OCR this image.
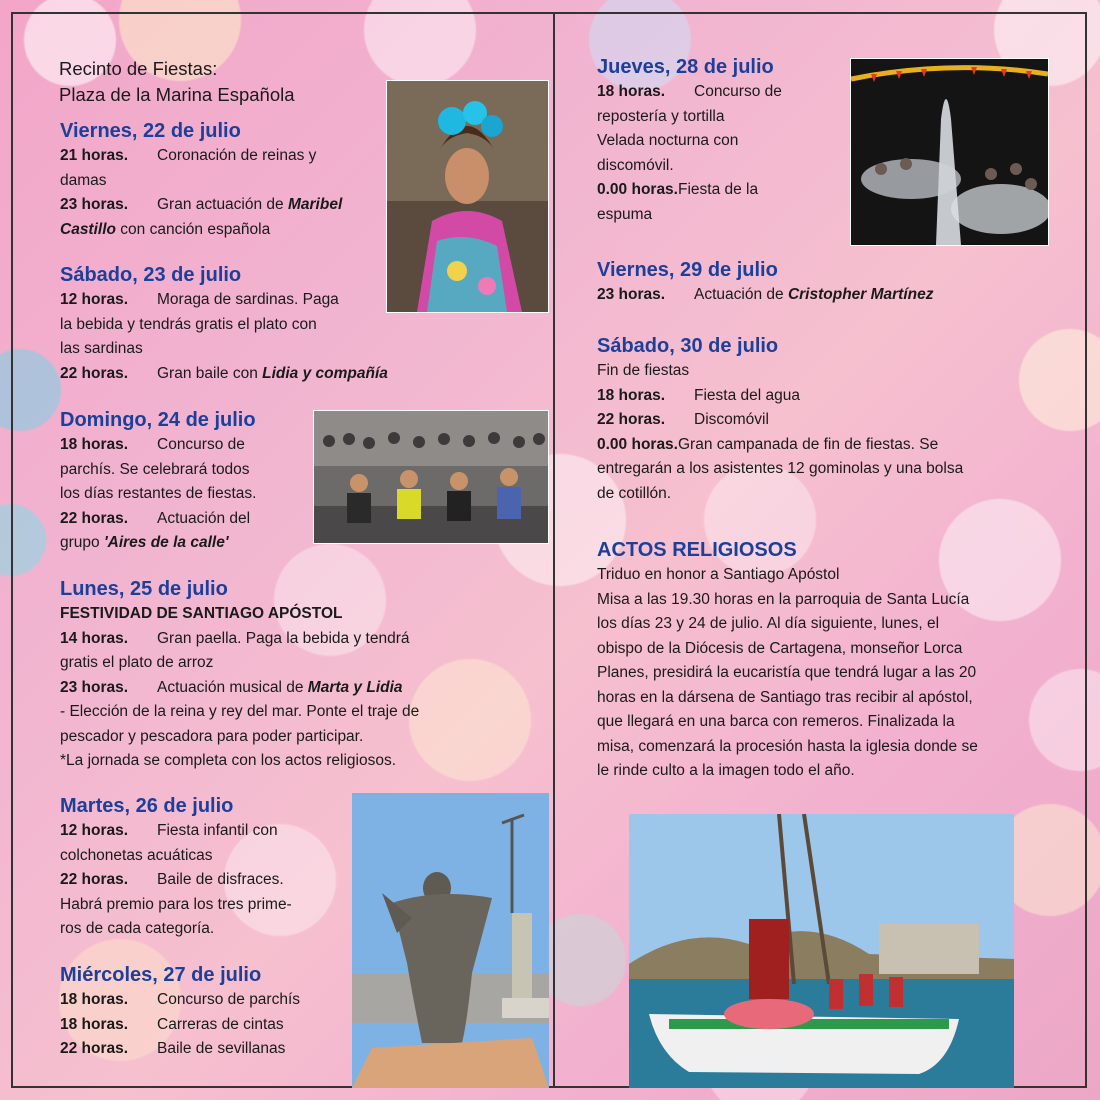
Recinto de Fiestas:
Plaza de la Marina Española
Viernes, 22 de julio
21 horas. Coronación de reinas y
damas
23 horas. Gran actuación de Maribel
Castillo con canción española
Sábado, 23 de julio
12 horas. Moraga de sardinas. Paga
la bebida y tendrás gratis el plato con
las sardinas
22 horas. Gran baile con Lidia y compañía
Domingo, 24 de julio
18 horas. Concurso de
parchís. Se celebrará todos
los días restantes de fiestas.
22 horas. Actuación del
grupo 'Aires de la calle'
Lunes, 25 de julio
FESTIVIDAD DE SANTIAGO APÓSTOL
14 horas. Gran paella. Paga la bebida y tendrá
gratis el plato de arroz
23 horas. Actuación musical de Marta y Lidia
- Elección de la reina y rey del mar. Ponte el traje de
pescador y pescadora para poder participar.
*La jornada se completa con los actos religiosos.
Martes, 26 de julio
12 horas. Fiesta infantil con
colchonetas acuáticas
22 horas. Baile de disfraces.
Habrá premio para los tres prime-
ros de cada categoría.
Miércoles, 27 de julio
18 horas. Concurso de parchís
18 horas. Carreras de cintas
22 horas. Baile de sevillanas
Jueves, 28 de julio
18 horas. Concurso de
repostería y tortilla
Velada nocturna con
discomóvil.
0.00 horas.Fiesta de la
espuma
Viernes, 29 de julio
23 horas. Actuación de Cristopher Martínez
Sábado, 30 de julio
Fin de fiestas
18 horas. Fiesta del agua
22 horas. Discomóvil
0.00 horas.Gran campanada de fin de fiestas. Se
entregarán a los asistentes 12 gominolas y una bolsa
de cotillón.
ACTOS RELIGIOSOS
Triduo en honor a Santiago Apóstol
Misa a las 19.30 horas en la parroquia de Santa Lucía
los días 23 y 24 de julio. Al día siguiente, lunes, el
obispo de la Diócesis de Cartagena, monseñor Lorca
Planes, presidirá la eucaristía que tendrá lugar a las 20
horas en la dársena de Santiago tras recibir al apóstol,
que llegará en una barca con remeros. Finalizada la
misa, comenzará la procesión hasta la iglesia donde se
le rinde culto a la imagen todo el año.
